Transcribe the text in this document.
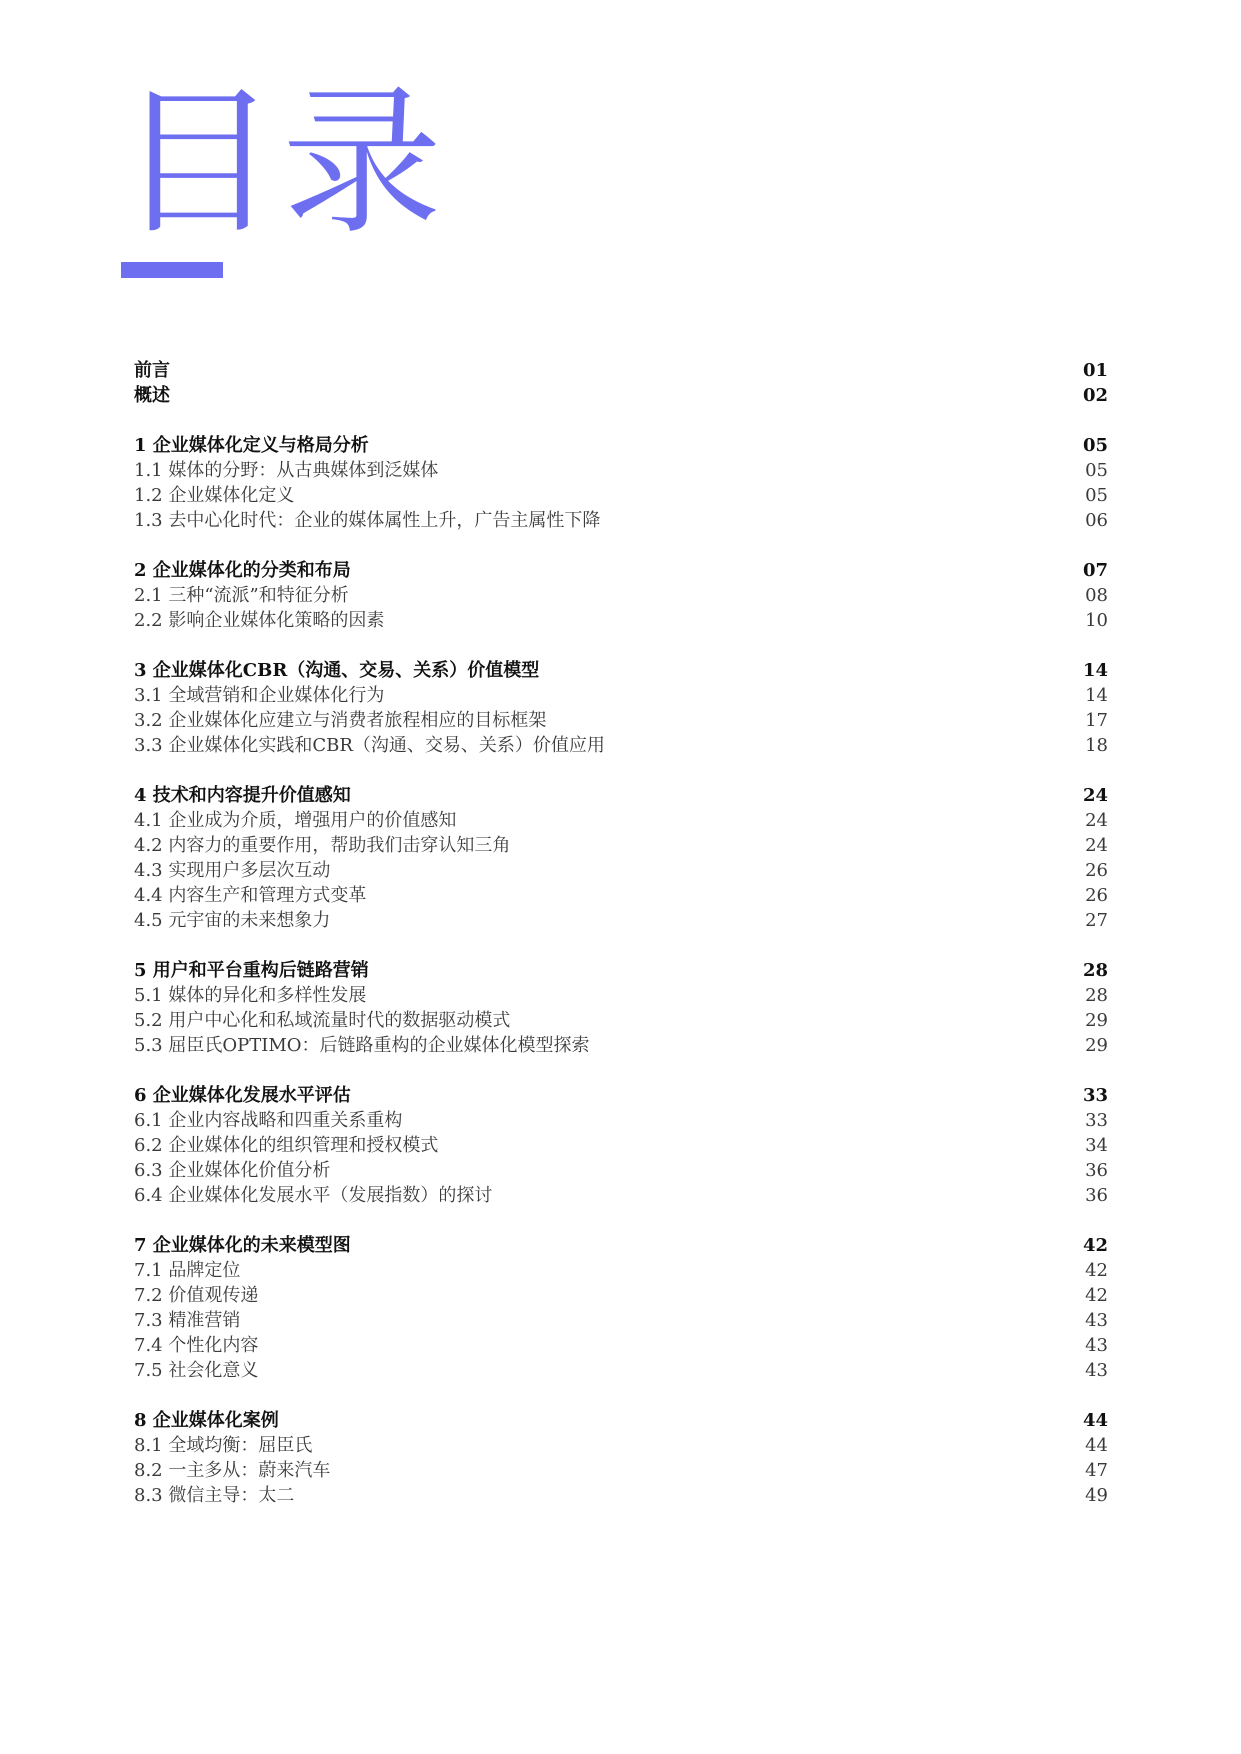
目录
前言	01
概述	02
1 企业媒体化定义与格局分析	05
1.1 媒体的分野：从古典媒体到泛媒体	05
1.2 企业媒体化定义	05
1.3 去中心化时代：企业的媒体属性上升，广告主属性下降	06
2 企业媒体化的分类和布局	07
2.1 三种“流派”和特征分析	08
2.2 影响企业媒体化策略的因素	10
3 企业媒体化CBR（沟通、交易、关系）价值模型	14
3.1 全域营销和企业媒体化行为	14
3.2 企业媒体化应建立与消费者旅程相应的目标框架	17
3.3 企业媒体化实践和CBR（沟通、交易、关系）价值应用	18
4 技术和内容提升价值感知	24
4.1 企业成为介质，增强用户的价值感知	24
4.2 内容力的重要作用，帮助我们击穿认知三角	24
4.3 实现用户多层次互动	26
4.4 内容生产和管理方式变革	26
4.5 元宇宙的未来想象力	27
5 用户和平台重构后链路营销	28
5.1 媒体的异化和多样性发展	28
5.2 用户中心化和私域流量时代的数据驱动模式	29
5.3 屈臣氏OPTIMO：后链路重构的企业媒体化模型探索	29
6 企业媒体化发展水平评估	33
6.1 企业内容战略和四重关系重构	33
6.2 企业媒体化的组织管理和授权模式	34
6.3 企业媒体化价值分析	36
6.4 企业媒体化发展水平（发展指数）的探讨	36
7 企业媒体化的未来模型图	42
7.1 品牌定位	42
7.2 价值观传递	42
7.3 精准营销	43
7.4 个性化内容	43
7.5 社会化意义	43
8 企业媒体化案例	44
8.1 全域均衡：屈臣氏	44
8.2 一主多从：蔚来汽车	47
8.3 微信主导：太二	49
